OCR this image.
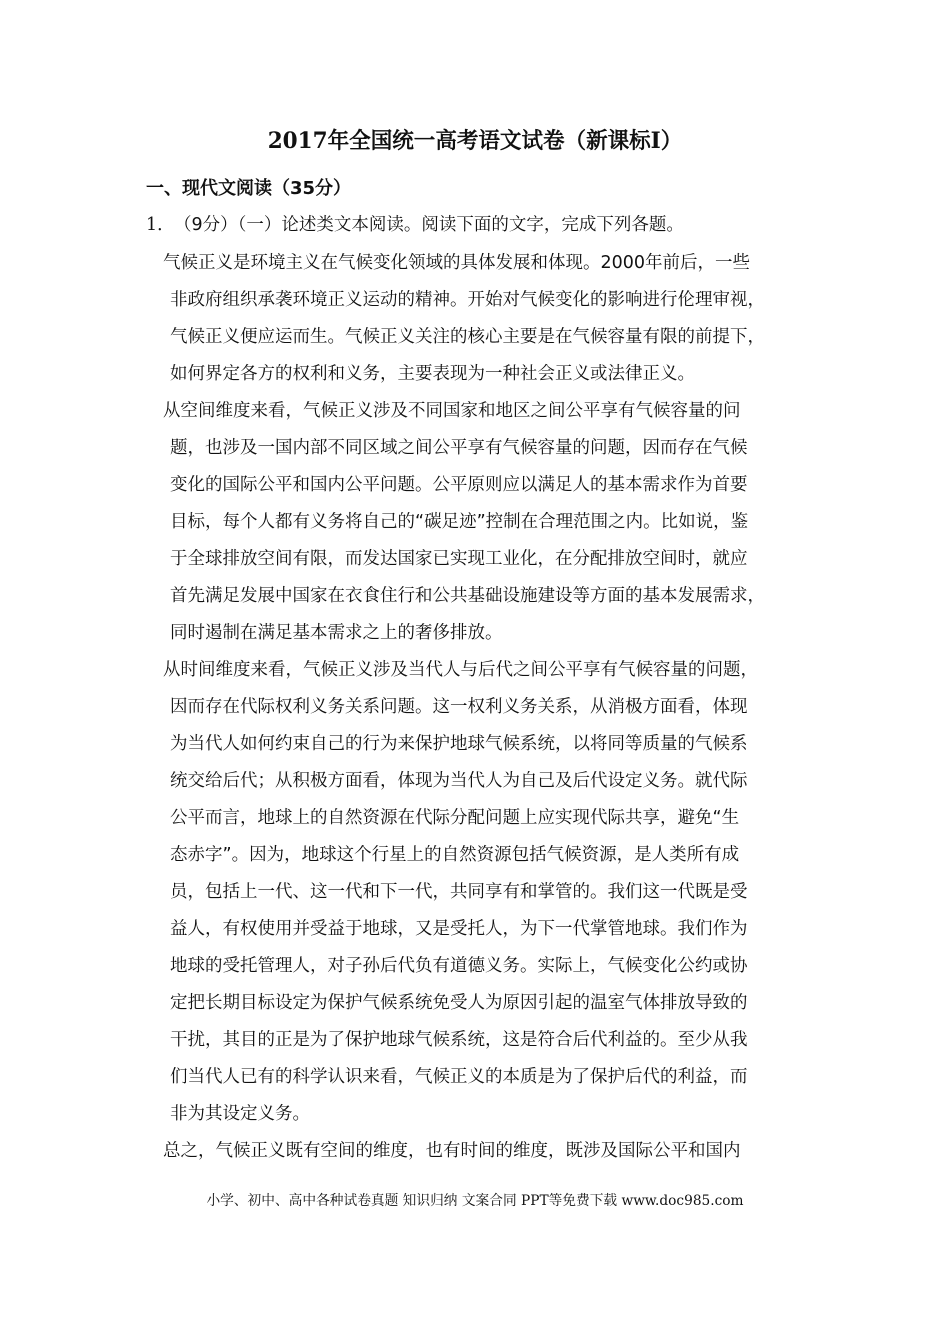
2017年全国统一高考语文试卷（新课标I）
一、现代文阅读（35分）
1．（9分）（一）论述类文本阅读。阅读下面的文字，完成下列各题。
气候正义是环境主义在气候变化领域的具体发展和体现。2000年前后，一些
非政府组织承袭环境正义运动的精神。开始对气候变化的影响进行伦理审视，
气候正义便应运而生。气候正义关注的核心主要是在气候容量有限的前提下，
如何界定各方的权利和义务，主要表现为一种社会正义或法律正义。
从空间维度来看，气候正义涉及不同国家和地区之间公平享有气候容量的问
题，也涉及一国内部不同区域之间公平享有气候容量的问题，因而存在气候
变化的国际公平和国内公平问题。公平原则应以满足人的基本需求作为首要
目标，每个人都有义务将自己的“碳足迹”控制在合理范围之内。比如说，鉴
于全球排放空间有限，而发达国家已实现工业化，在分配排放空间时，就应
首先满足发展中国家在衣食住行和公共基础设施建设等方面的基本发展需求，
同时遏制在满足基本需求之上的奢侈排放。
从时间维度来看，气候正义涉及当代人与后代之间公平享有气候容量的问题，
因而存在代际权利义务关系问题。这一权利义务关系，从消极方面看，体现
为当代人如何约束自己的行为来保护地球气候系统，以将同等质量的气候系
统交给后代；从积极方面看，体现为当代人为自己及后代设定义务。就代际
公平而言，地球上的自然资源在代际分配问题上应实现代际共享，避免“生
态赤字”。因为，地球这个行星上的自然资源包括气候资源，是人类所有成
员，包括上一代、这一代和下一代，共同享有和掌管的。我们这一代既是受
益人，有权使用并受益于地球，又是受托人，为下一代掌管地球。我们作为
地球的受托管理人，对子孙后代负有道德义务。实际上，气候变化公约或协
定把长期目标设定为保护气候系统免受人为原因引起的温室气体排放导致的
干扰，其目的正是为了保护地球气候系统，这是符合后代利益的。至少从我
们当代人已有的科学认识来看，气候正义的本质是为了保护后代的利益，而
非为其设定义务。
总之，气候正义既有空间的维度，也有时间的维度，既涉及国际公平和国内
小学、初中、高中各种试卷真题 知识归纳 文案合同 PPT等免费下载 www.doc985.com
